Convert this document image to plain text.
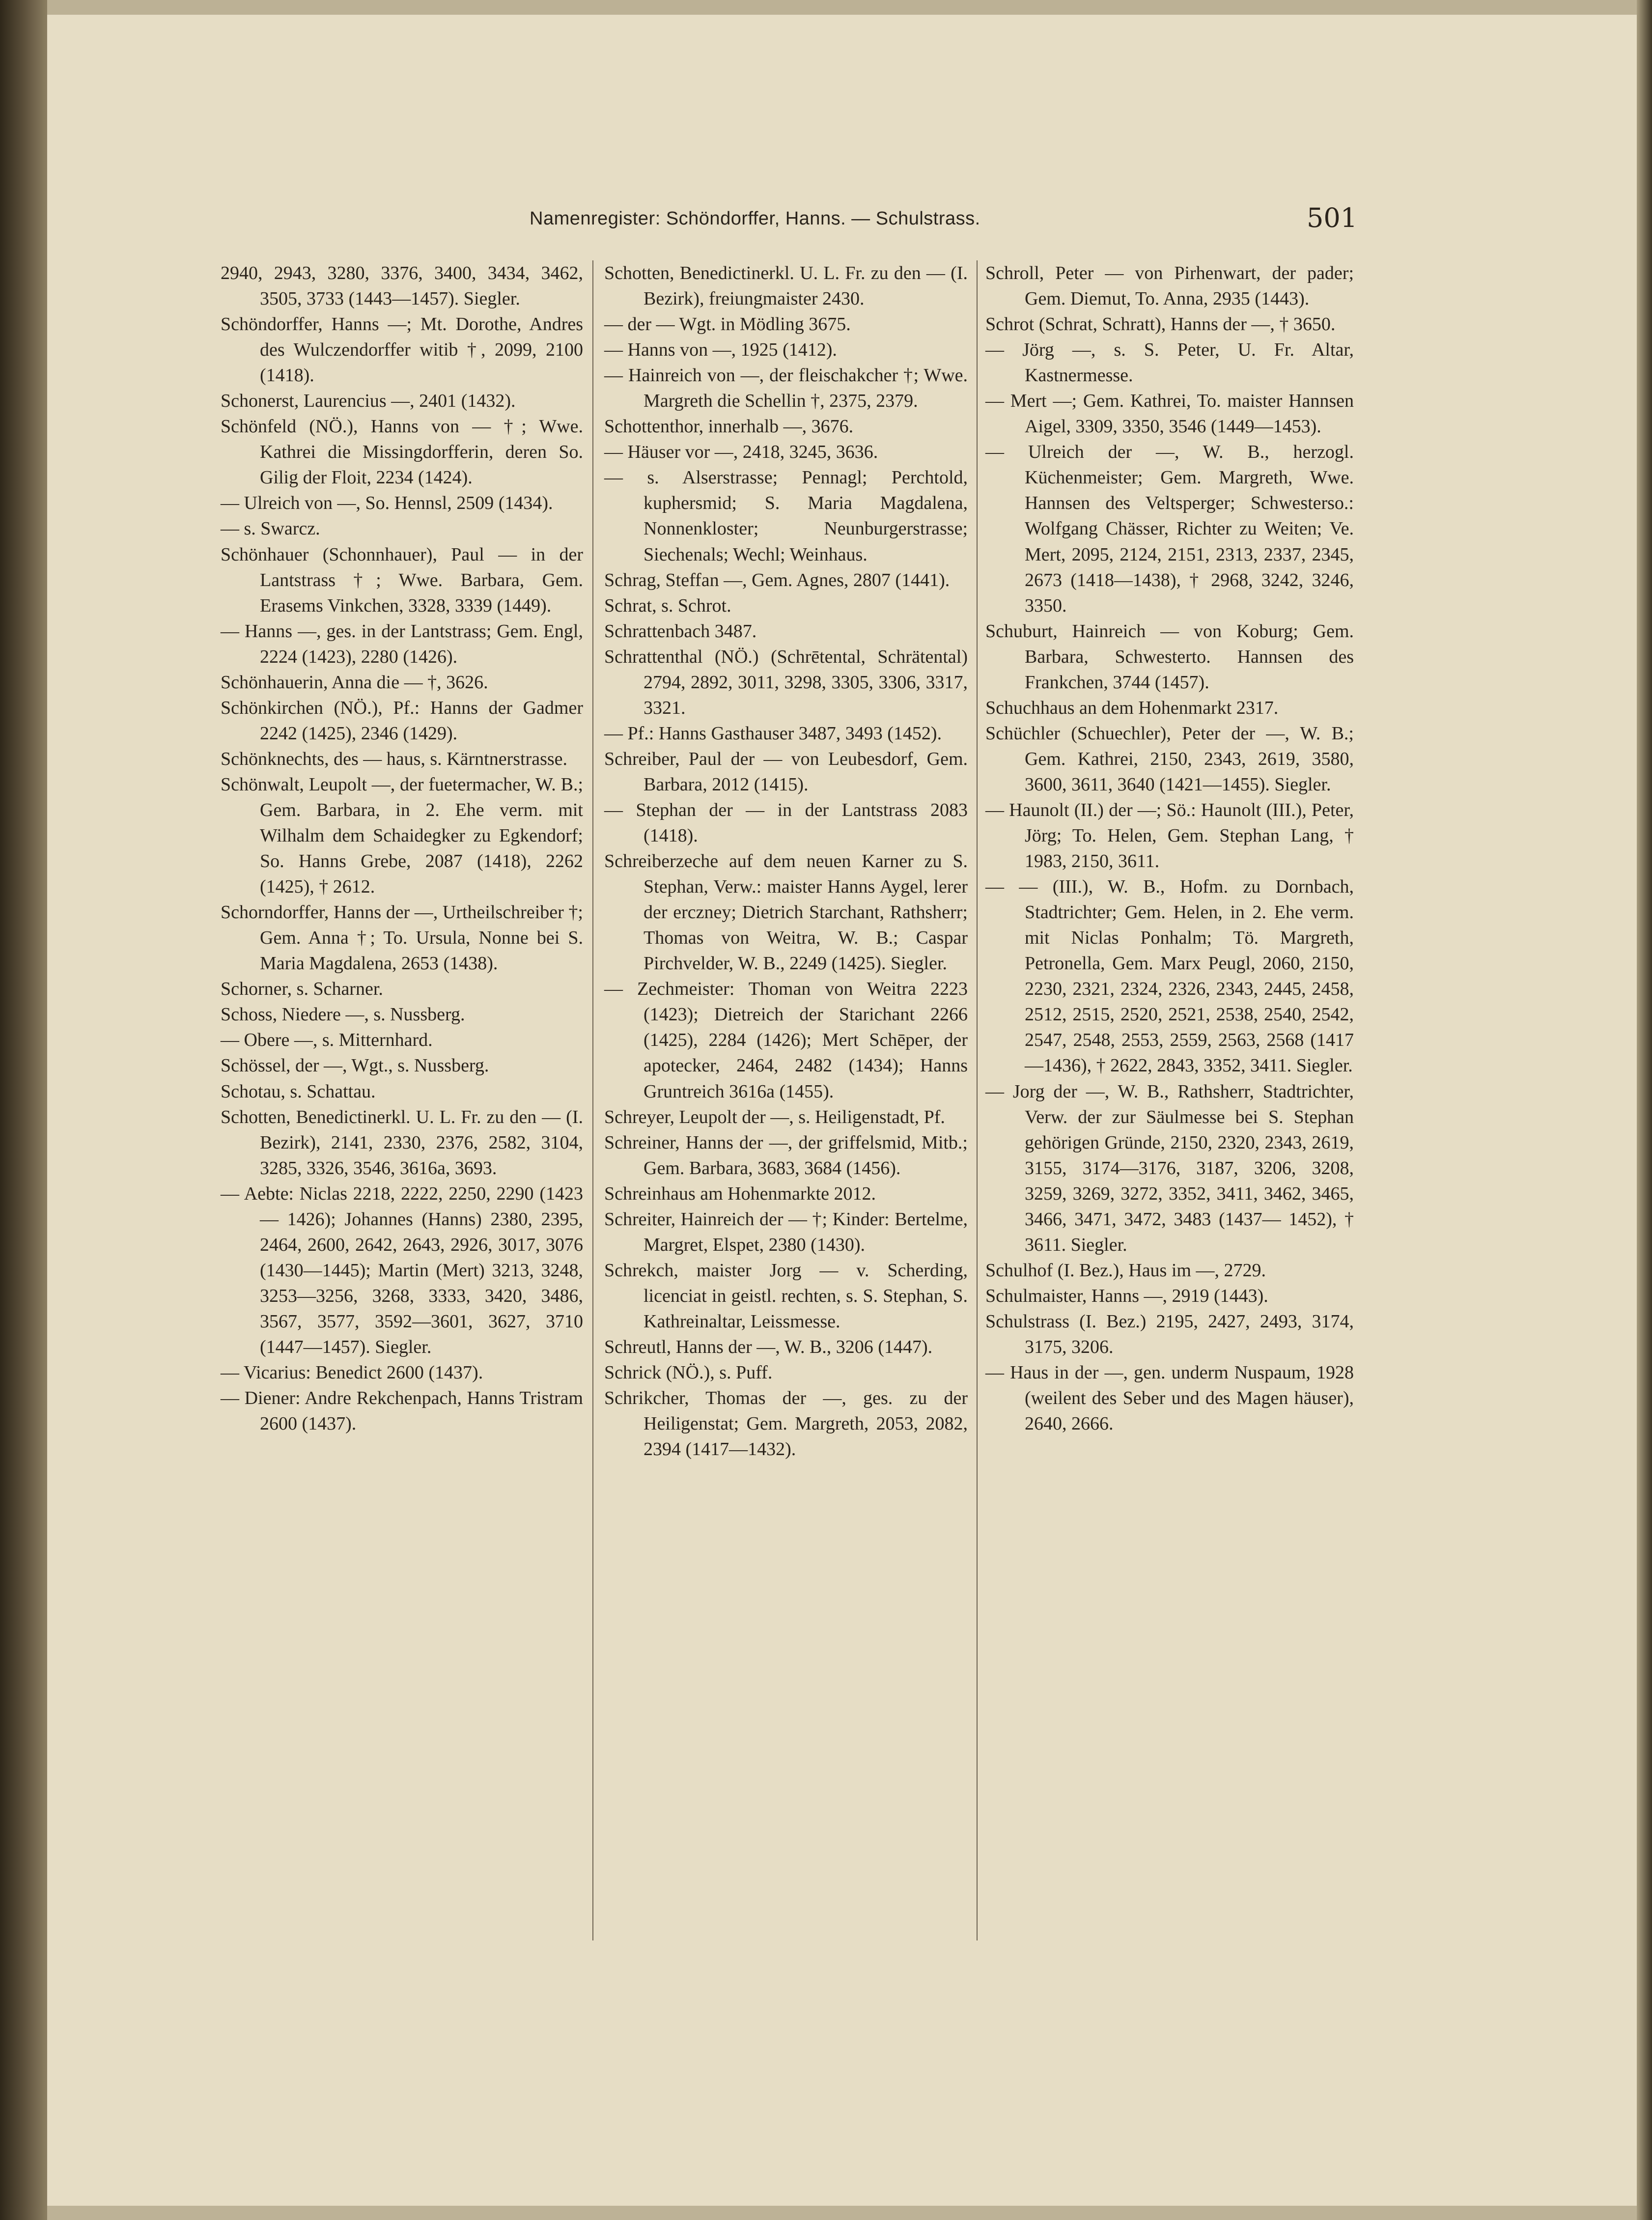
Namenregister: Schöndorffer, Hanns. — Schulstrass.	501

2940, 2943, 3280, 3376, 3400, 3434, 3462, 3505, 3733 (1443—1457). Siegler.

Schöndorffer, Hanns —; Mt. Dorothe, Andres des Wulczendorffer witib †, 2099, 2100 (1418).

Schonerst, Laurencius —, 2401 (1432).

Schönfeld (NÖ.), Hanns von — †; Wwe. Kathrei die Missingdorfferin, deren So. Gilig der Floit, 2234 (1424).

— Ulreich von —, So. Hennsl, 2509 (1434).

— s. Swarcz.

Schönhauer (Schonnhauer), Paul — in der Lantstrass †; Wwe. Barbara, Gem. Erasems Vinkchen, 3328, 3339 (1449).

— Hanns —, ges. in der Lantstrass; Gem. Engl, 2224 (1423), 2280 (1426).

Schönhauerin, Anna die — †, 3626.

Schönkirchen (NÖ.), Pf.: Hanns der Gadmer 2242 (1425), 2346 (1429).

Schönknechts, des — haus, s. Kärntnerstrasse.

Schönwalt, Leupolt —, der fuetermacher, W. B.; Gem. Barbara, in 2. Ehe verm. mit Wilhalm dem Schaidegker zu Egkendorf; So. Hanns Grebe, 2087 (1418), 2262 (1425), † 2612.

Schorndorffer, Hanns der —, Urtheilschreiber †; Gem. Anna †; To. Ursula, Nonne bei S. Maria Magdalena, 2653 (1438).

Schorner, s. Scharner.

Schoss, Niedere —, s. Nussberg.

— Obere —, s. Mitternhard.

Schössel, der —, Wgt., s. Nussberg.

Schotau, s. Schattau.

Schotten, Benedictinerkl. U. L. Fr. zu den — (I. Bezirk), 2141, 2330, 2376, 2582, 3104, 3285, 3326, 3546, 3616a, 3693.

— Aebte: Niclas 2218, 2222, 2250, 2290 (1423 — 1426); Johannes (Hanns) 2380, 2395, 2464, 2600, 2642, 2643, 2926, 3017, 3076 (1430—1445); Martin (Mert) 3213, 3248, 3253—3256, 3268, 3333, 3420, 3486, 3567, 3577, 3592—3601, 3627, 3710 (1447—1457). Siegler.

— Vicarius: Benedict 2600 (1437).

— Diener: Andre Rekchenpach, Hanns Tristram 2600 (1437).

Schotten, Benedictinerkl. U. L. Fr. zu den — (I. Bezirk), freiungmaister 2430.

— der — Wgt. in Mödling 3675.

— Hanns von —, 1925 (1412).

— Hainreich von —, der fleischakcher †; Wwe. Margreth die Schellin †, 2375, 2379.

Schottenthor, innerhalb —, 3676.

— Häuser vor —, 2418, 3245, 3636.

— s. Alserstrasse; Pennagl; Perchtold, kuphersmid; S. Maria Magdalena, Nonnenkloster; Neunburgerstrasse; Siechenals; Wechl; Weinhaus.

Schrag, Steffan —, Gem. Agnes, 2807 (1441).

Schrat, s. Schrot.

Schrattenbach 3487.

Schrattenthal (NÖ.) (Schrētental, Schrätental) 2794, 2892, 3011, 3298, 3305, 3306, 3317, 3321.

— Pf.: Hanns Gasthauser 3487, 3493 (1452).

Schreiber, Paul der — von Leubesdorf, Gem. Barbara, 2012 (1415).

— Stephan der — in der Lantstrass 2083 (1418).

Schreiberzeche auf dem neuen Karner zu S. Stephan, Verw.: maister Hanns Aygel, lerer der erczney; Dietrich Starchant, Rathsherr; Thomas von Weitra, W. B.; Caspar Pirchvelder, W. B., 2249 (1425). Siegler.

— Zechmeister: Thoman von Weitra 2223 (1423); Dietreich der Starichant 2266 (1425), 2284 (1426); Mert Schēper, der apotecker, 2464, 2482 (1434); Hanns Gruntreich 3616a (1455).

Schreyer, Leupolt der —, s. Heiligenstadt, Pf.

Schreiner, Hanns der —, der griffelsmid, Mitb.; Gem. Barbara, 3683, 3684 (1456).

Schreinhaus am Hohenmarkte 2012.

Schreiter, Hainreich der — †; Kinder: Bertelme, Margret, Elspet, 2380 (1430).

Schrekch, maister Jorg — v. Scherding, licenciat in geistl. rechten, s. S. Stephan, S. Kathreinaltar, Leissmesse.

Schreutl, Hanns der —, W. B., 3206 (1447).

Schrick (NÖ.), s. Puff.

Schrikcher, Thomas der —, ges. zu der Heiligenstat; Gem. Margreth, 2053, 2082, 2394 (1417—1432).

Schroll, Peter — von Pirhenwart, der pader; Gem. Diemut, To. Anna, 2935 (1443).

Schrot (Schrat, Schratt), Hanns der —, † 3650.

— Jörg —, s. S. Peter, U. Fr. Altar, Kastnermesse.

— Mert —; Gem. Kathrei, To. maister Hannsen Aigel, 3309, 3350, 3546 (1449—1453).

— Ulreich der —, W. B., herzogl. Küchenmeister; Gem. Margreth, Wwe. Hannsen des Veltsperger; Schwesterso.: Wolfgang Chässer, Richter zu Weiten; Ve. Mert, 2095, 2124, 2151, 2313, 2337, 2345, 2673 (1418—1438), † 2968, 3242, 3246, 3350.

Schuburt, Hainreich — von Koburg; Gem. Barbara, Schwesterto. Hannsen des Frankchen, 3744 (1457).

Schuchhaus an dem Hohenmarkt 2317.

Schüchler (Schuechler), Peter der —, W. B.; Gem. Kathrei, 2150, 2343, 2619, 3580, 3600, 3611, 3640 (1421—1455). Siegler.

— Haunolt (II.) der —; Sö.: Haunolt (III.), Peter, Jörg; To. Helen, Gem. Stephan Lang, † 1983, 2150, 3611.

— — (III.), W. B., Hofm. zu Dornbach, Stadtrichter; Gem. Helen, in 2. Ehe verm. mit Niclas Ponhalm; Tö. Margreth, Petronella, Gem. Marx Peugl, 2060, 2150, 2230, 2321, 2324, 2326, 2343, 2445, 2458, 2512, 2515, 2520, 2521, 2538, 2540, 2542, 2547, 2548, 2553, 2559, 2563, 2568 (1417—1436), † 2622, 2843, 3352, 3411. Siegler.

— Jorg der —, W. B., Rathsherr, Stadtrichter, Verw. der zur Säulmesse bei S. Stephan gehörigen Gründe, 2150, 2320, 2343, 2619, 3155, 3174—3176, 3187, 3206, 3208, 3259, 3269, 3272, 3352, 3411, 3462, 3465, 3466, 3471, 3472, 3483 (1437— 1452), † 3611. Siegler.

Schulhof (I. Bez.), Haus im —, 2729.

Schulmaister, Hanns —, 2919 (1443).

Schulstrass (I. Bez.) 2195, 2427, 2493, 3174, 3175, 3206.

— Haus in der —, gen. underm Nuspaum, 1928 (weilent des Seber und des Magen häuser), 2640, 2666.
